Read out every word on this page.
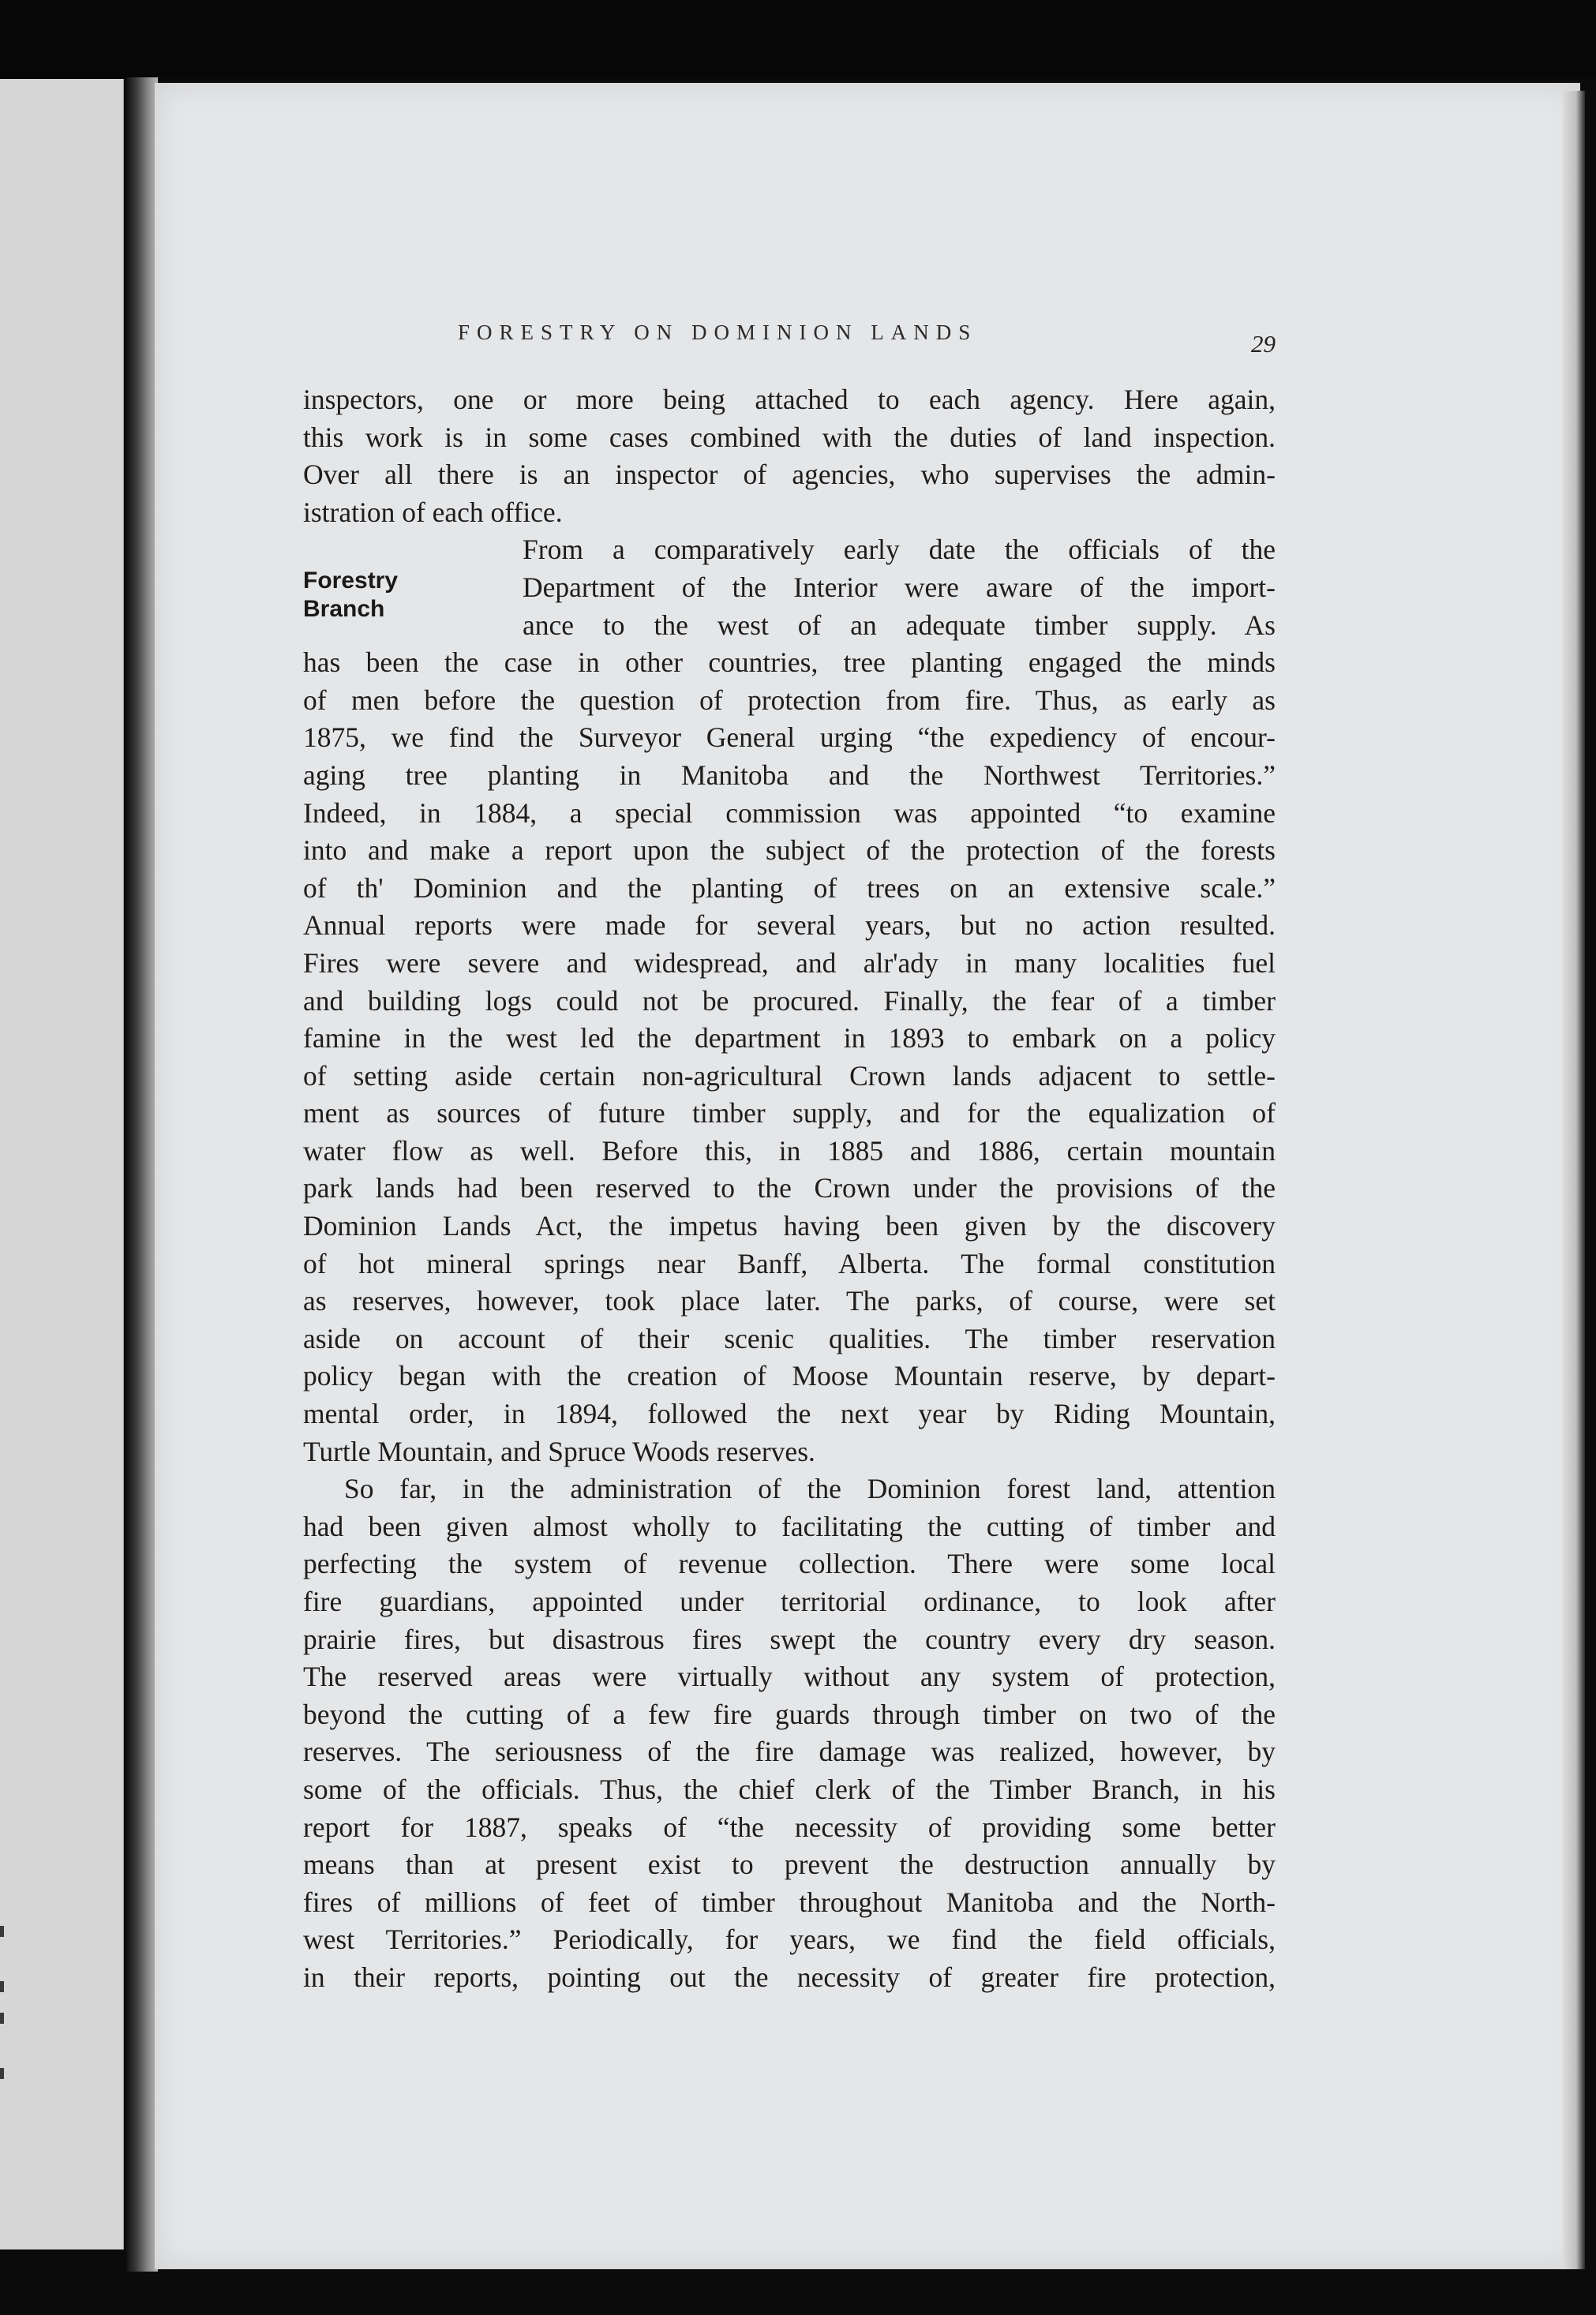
FORESTRY ON DOMINION LANDS	29
Forestry
Branch
inspectors, one or more being attached to each agency. Here again,
this work is in some cases combined with the duties of land inspection.
Over all there is an inspector of agencies, who supervises the admin-
istration of each office.
From a comparatively early date the officials of the
Department of the Interior were aware of the import-
ance to the west of an adequate timber supply. As
has been the case in other countries, tree planting engaged the minds
of men before the question of protection from fire. Thus, as early as
1875, we find the Surveyor General urging “the expediency of encour-
aging tree planting in Manitoba and the Northwest Territories.”
Indeed, in 1884, a special commission was appointed “to examine
into and make a report upon the subject of the protection of the forests
of th' Dominion and the planting of trees on an extensive scale.”
Annual reports were made for several years, but no action resulted.
Fires were severe and widespread, and alr'ady in many localities fuel
and building logs could not be procured. Finally, the fear of a timber
famine in the west led the department in 1893 to embark on a policy
of setting aside certain non-agricultural Crown lands adjacent to settle-
ment as sources of future timber supply, and for the equalization of
water flow as well. Before this, in 1885 and 1886, certain mountain
park lands had been reserved to the Crown under the provisions of the
Dominion Lands Act, the impetus having been given by the discovery
of hot mineral springs near Banff, Alberta. The formal constitution
as reserves, however, took place later. The parks, of course, were set
aside on account of their scenic qualities. The timber reservation
policy began with the creation of Moose Mountain reserve, by depart-
mental order, in 1894, followed the next year by Riding Mountain,
Turtle Mountain, and Spruce Woods reserves.
So far, in the administration of the Dominion forest land, attention
had been given almost wholly to facilitating the cutting of timber and
perfecting the system of revenue collection. There were some local
fire guardians, appointed under territorial ordinance, to look after
prairie fires, but disastrous fires swept the country every dry season.
The reserved areas were virtually without any system of protection,
beyond the cutting of a few fire guards through timber on two of the
reserves. The seriousness of the fire damage was realized, however, by
some of the officials. Thus, the chief clerk of the Timber Branch, in his
report for 1887, speaks of “the necessity of providing some better
means than at present exist to prevent the destruction annually by
fires of millions of feet of timber throughout Manitoba and the North-
west Territories.” Periodically, for years, we find the field officials,
in their reports, pointing out the necessity of greater fire protection,
